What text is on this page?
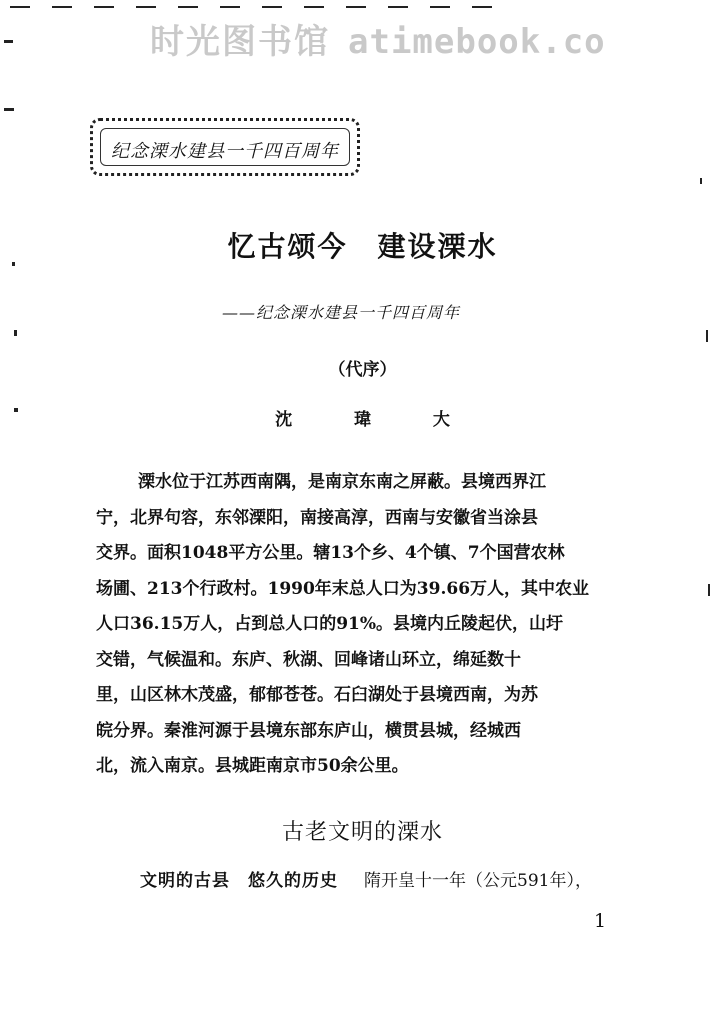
时光图书馆 atimebook.co
纪念溧水建县一千四百周年
忆古颂今　建设溧水
——纪念溧水建县一千四百周年
（代序）
沈 瑋 大
溧水位于江苏西南隅，是南京东南之屏蔽。县境西界江
宁，北界句容，东邻溧阳，南接高淳，西南与安徽省当涂县
交界。面积1048平方公里。辖13个乡、4个镇、7个国营农林
场圃、213个行政村。1990年末总人口为39.66万人，其中农业
人口36.15万人，占到总人口的91%。县境内丘陵起伏，山圩
交错，气候温和。东庐、秋湖、回峰诸山环立，绵延数十
里，山区林木茂盛，郁郁苍苍。石臼湖处于县境西南，为苏
皖分界。秦淮河源于县境东部东庐山，横贯县城，经城西
北，流入南京。县城距南京市50余公里。
古老文明的溧水
文明的古县　悠久的历史 隋开皇十一年（公元591年），
1
